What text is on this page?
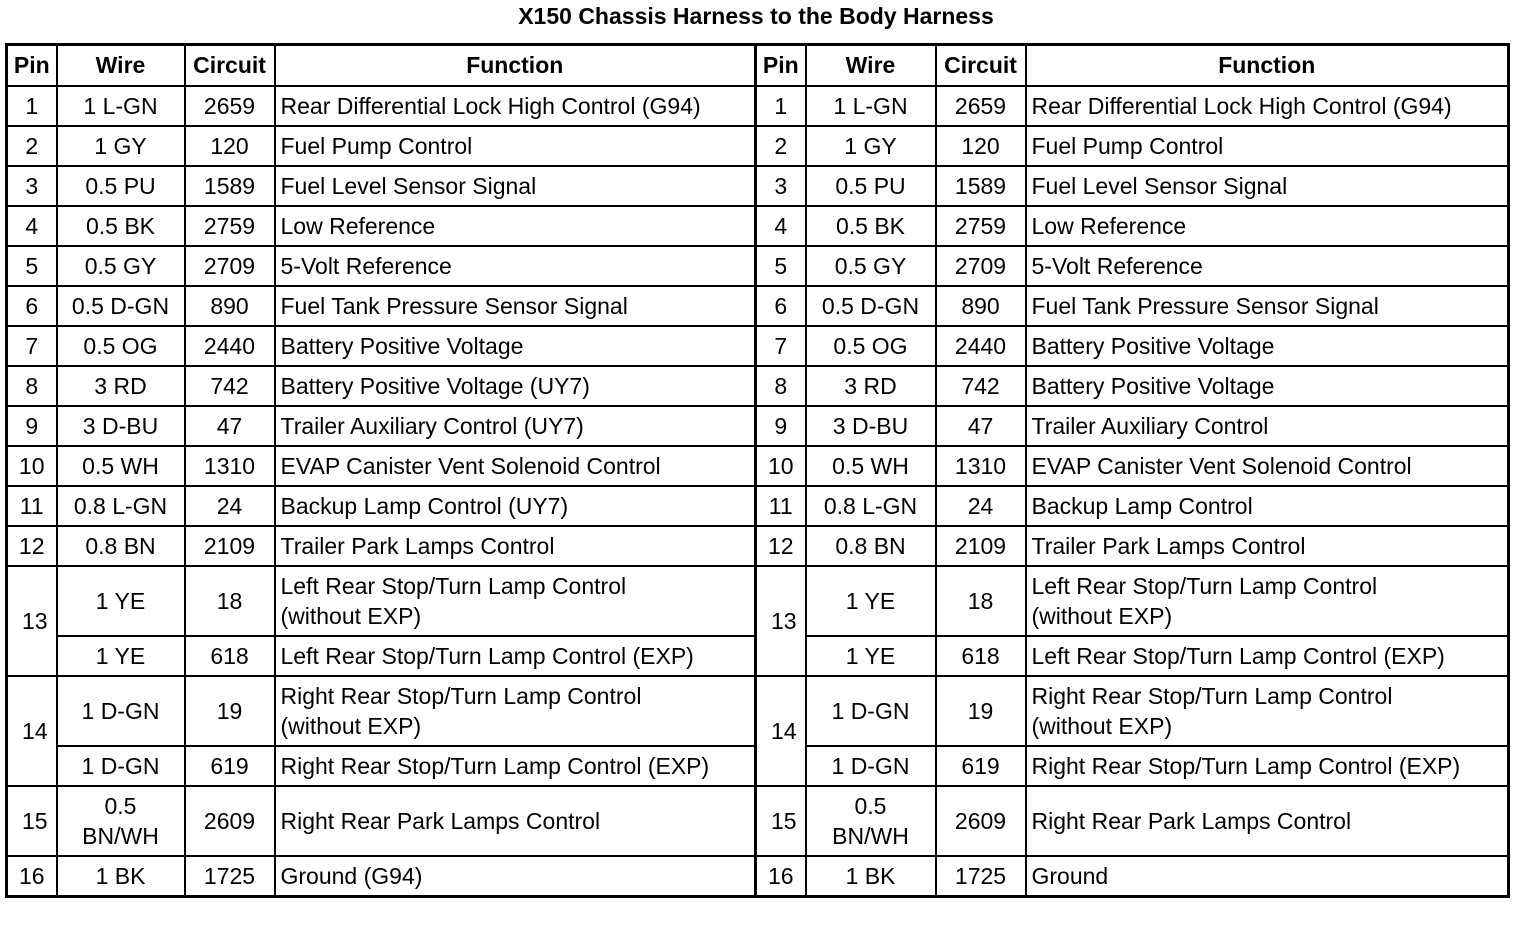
X150 Chassis Harness to the Body Harness
Pin	Wire	Circuit	Function	Pin	Wire	Circuit	Function
1	1 L-GN	2659	Rear Differential Lock High Control (G94)	1	1 L-GN	2659	Rear Differential Lock High Control (G94)
2	1 GY	120	Fuel Pump Control	2	1 GY	120	Fuel Pump Control
3	0.5 PU	1589	Fuel Level Sensor Signal	3	0.5 PU	1589	Fuel Level Sensor Signal
4	0.5 BK	2759	Low Reference	4	0.5 BK	2759	Low Reference
5	0.5 GY	2709	5-Volt Reference	5	0.5 GY	2709	5-Volt Reference
6	0.5 D-GN	890	Fuel Tank Pressure Sensor Signal	6	0.5 D-GN	890	Fuel Tank Pressure Sensor Signal
7	0.5 OG	2440	Battery Positive Voltage	7	0.5 OG	2440	Battery Positive Voltage
8	3 RD	742	Battery Positive Voltage (UY7)	8	3 RD	742	Battery Positive Voltage
9	3 D-BU	47	Trailer Auxiliary Control (UY7)	9	3 D-BU	47	Trailer Auxiliary Control
10	0.5 WH	1310	EVAP Canister Vent Solenoid Control	10	0.5 WH	1310	EVAP Canister Vent Solenoid Control
11	0.8 L-GN	24	Backup Lamp Control (UY7)	11	0.8 L-GN	24	Backup Lamp Control
12	0.8 BN	2109	Trailer Park Lamps Control	12	0.8 BN	2109	Trailer Park Lamps Control
13	1 YE	18	Left Rear Stop/Turn Lamp Control (without EXP)	13	1 YE	18	Left Rear Stop/Turn Lamp Control (without EXP)
	1 YE	618	Left Rear Stop/Turn Lamp Control (EXP)		1 YE	618	Left Rear Stop/Turn Lamp Control (EXP)
14	1 D-GN	19	Right Rear Stop/Turn Lamp Control (without EXP)	14	1 D-GN	19	Right Rear Stop/Turn Lamp Control (without EXP)
	1 D-GN	619	Right Rear Stop/Turn Lamp Control (EXP)		1 D-GN	619	Right Rear Stop/Turn Lamp Control (EXP)
15	0.5 BN/WH	2609	Right Rear Park Lamps Control	15	0.5 BN/WH	2609	Right Rear Park Lamps Control
16	1 BK	1725	Ground (G94)	16	1 BK	1725	Ground
